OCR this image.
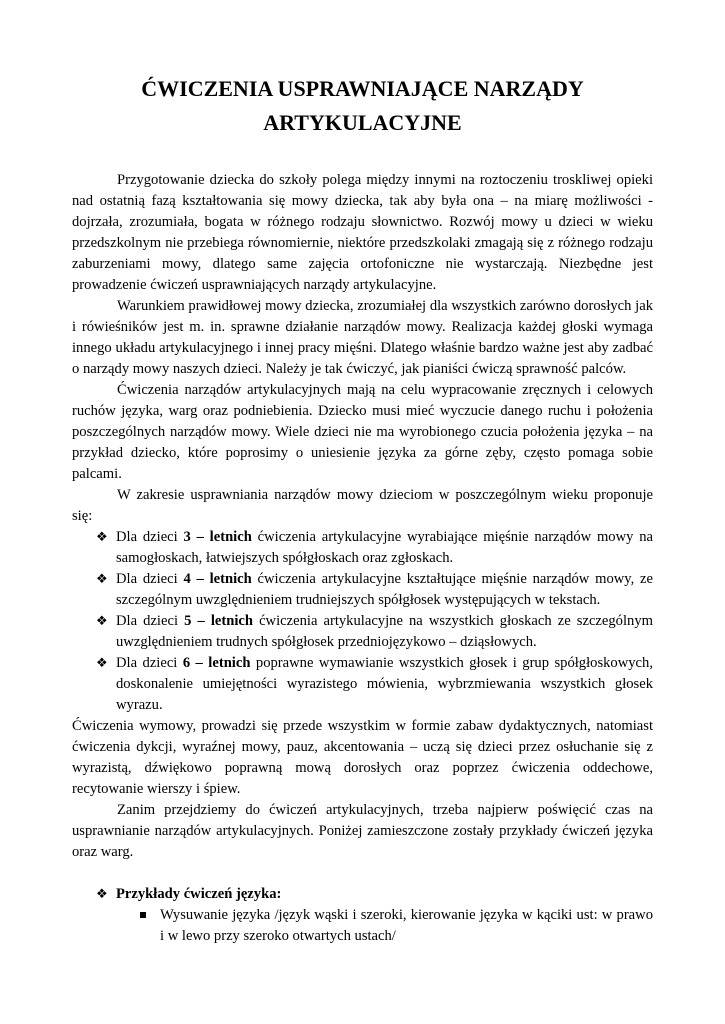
ĆWICZENIA USPRAWNIAJĄCE NARZĄDY ARTYKULACYJNE

Przygotowanie dziecka do szkoły polega między innymi na roztoczeniu troskliwej opieki nad ostatnią fazą kształtowania się mowy dziecka, tak aby była ona – na miarę możliwości - dojrzała, zrozumiała, bogata w różnego rodzaju słownictwo. Rozwój mowy u dzieci w wieku przedszkolnym nie przebiega równomiernie, niektóre przedszkolaki zmagają się z różnego rodzaju zaburzeniami mowy, dlatego same zajęcia ortofoniczne nie wystarczają. Niezbędne jest prowadzenie ćwiczeń usprawniających narządy artykulacyjne.

Warunkiem prawidłowej mowy dziecka, zrozumiałej dla wszystkich zarówno dorosłych jak i rówieśników jest m. in. sprawne działanie narządów mowy. Realizacja każdej głoski wymaga innego układu artykulacyjnego i innej pracy mięśni. Dlatego właśnie bardzo ważne jest aby zadbać o narządy mowy naszych dzieci. Należy je tak ćwiczyć, jak pianiści ćwiczą sprawność palców.

Ćwiczenia narządów artykulacyjnych mają na celu wypracowanie zręcznych i celowych ruchów języka, warg oraz podniebienia. Dziecko musi mieć wyczucie danego ruchu i położenia poszczególnych narządów mowy. Wiele dzieci nie ma wyrobionego czucia położenia języka – na przykład dziecko, które poprosimy o uniesienie języka za górne zęby, często pomaga sobie palcami.

W zakresie usprawniania narządów mowy dzieciom w poszczególnym wieku proponuje się:

❖ Dla dzieci 3 – letnich ćwiczenia artykulacyjne wyrabiające mięśnie narządów mowy na samogłoskach, łatwiejszych spółgłoskach oraz zgłoskach.
❖ Dla dzieci 4 – letnich ćwiczenia artykulacyjne kształtujące mięśnie narządów mowy, ze szczególnym uwzględnieniem trudniejszych spółgłosek występujących w tekstach.
❖ Dla dzieci 5 – letnich ćwiczenia artykulacyjne na wszystkich głoskach ze szczególnym uwzględnieniem trudnych spółgłosek przedniojęzykowo – dziąsłowych.
❖ Dla dzieci 6 – letnich poprawne wymawianie wszystkich głosek i grup spółgłoskowych, doskonalenie umiejętności wyrazistego mówienia, wybrzmiewania wszystkich głosek wyrazu.

Ćwiczenia wymowy, prowadzi się przede wszystkim w formie zabaw dydaktycznych, natomiast ćwiczenia dykcji, wyraźnej mowy, pauz, akcentowania – uczą się dzieci przez osłuchanie się z wyrazistą, dźwiękowo poprawną mową dorosłych oraz poprzez ćwiczenia oddechowe, recytowanie wierszy i śpiew.

Zanim przejdziemy do ćwiczeń artykulacyjnych, trzeba najpierw poświęcić czas na usprawnianie narządów artykulacyjnych. Poniżej zamieszczone zostały przykłady ćwiczeń języka oraz warg.

❖ Przykłady ćwiczeń języka:
Wysuwanie języka /język wąski i szeroki, kierowanie języka w kąciki ust: w prawo i w lewo przy szeroko otwartych ustach/
